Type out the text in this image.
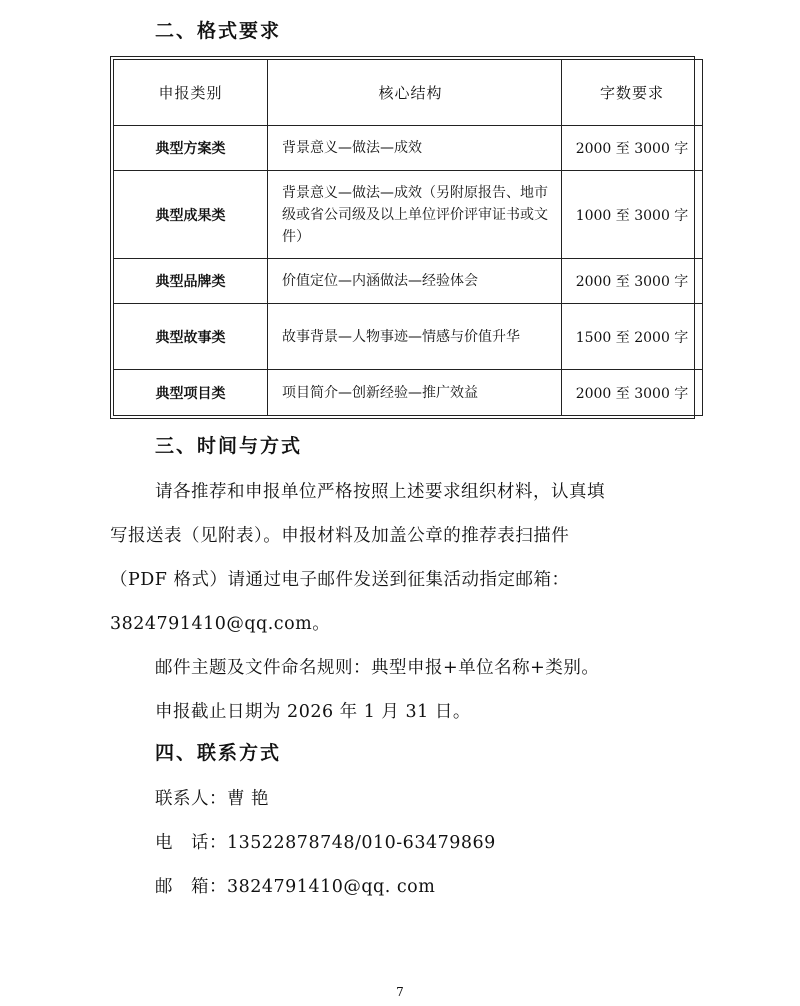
二、格式要求
申报类别	核心结构	字数要求
典型方案类	背景意义—做法—成效	2000 至 3000 字
典型成果类	背景意义—做法—成效（另附原报告、地市级或省公司级及以上单位评价评审证书或文件）	1000 至 3000 字
典型品牌类	价值定位—内涵做法—经验体会	2000 至 3000 字
典型故事类	故事背景—人物事迹—情感与价值升华	1500 至 2000 字
典型项目类	项目简介—创新经验—推广效益	2000 至 3000 字
三、时间与方式
请各推荐和申报单位严格按照上述要求组织材料，认真填
写报送表（见附表）。申报材料及加盖公章的推荐表扫描件
（PDF 格式）请通过电子邮件发送到征集活动指定邮箱：
3824791410@qq.com。
邮件主题及文件命名规则：典型申报+单位名称+类别。
申报截止日期为 2026 年 1 月 31 日。
四、联系方式
联系人：曹 艳
电　话：13522878748/010-63479869
邮　箱：3824791410@qq. com
7
